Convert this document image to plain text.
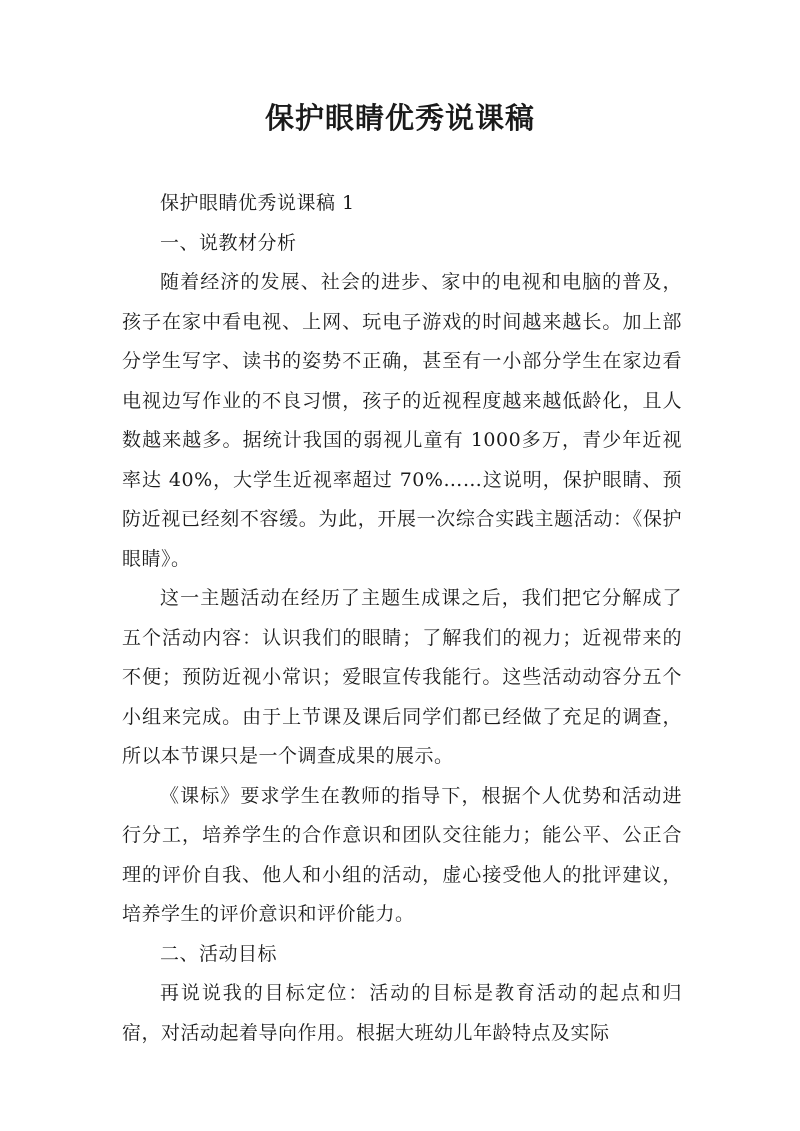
保护眼睛优秀说课稿

保护眼睛优秀说课稿 1

一、说教材分析

随着经济的发展、社会的进步、家中的电视和电脑的普及，孩子在家中看电视、上网、玩电子游戏的时间越来越长。加上部分学生写字、读书的姿势不正确，甚至有一小部分学生在家边看电视边写作业的不良习惯，孩子的近视程度越来越低龄化，且人数越来越多。据统计我国的弱视儿童有 1000多万，青少年近视率达 40%，大学生近视率超过 70%……这说明，保护眼睛、预防近视已经刻不容缓。为此，开展一次综合实践主题活动：《保护眼睛》。

这一主题活动在经历了主题生成课之后，我们把它分解成了五个活动内容：认识我们的眼睛；了解我们的视力；近视带来的不便；预防近视小常识；爱眼宣传我能行。这些活动动容分五个小组来完成。由于上节课及课后同学们都已经做了充足的调查，所以本节课只是一个调查成果的展示。

《课标》要求学生在教师的指导下，根据个人优势和活动进行分工，培养学生的合作意识和团队交往能力；能公平、公正合理的评价自我、他人和小组的活动，虚心接受他人的批评建议，培养学生的评价意识和评价能力。

二、活动目标

再说说我的目标定位：活动的目标是教育活动的起点和归宿，对活动起着导向作用。根据大班幼儿年龄特点及实际
